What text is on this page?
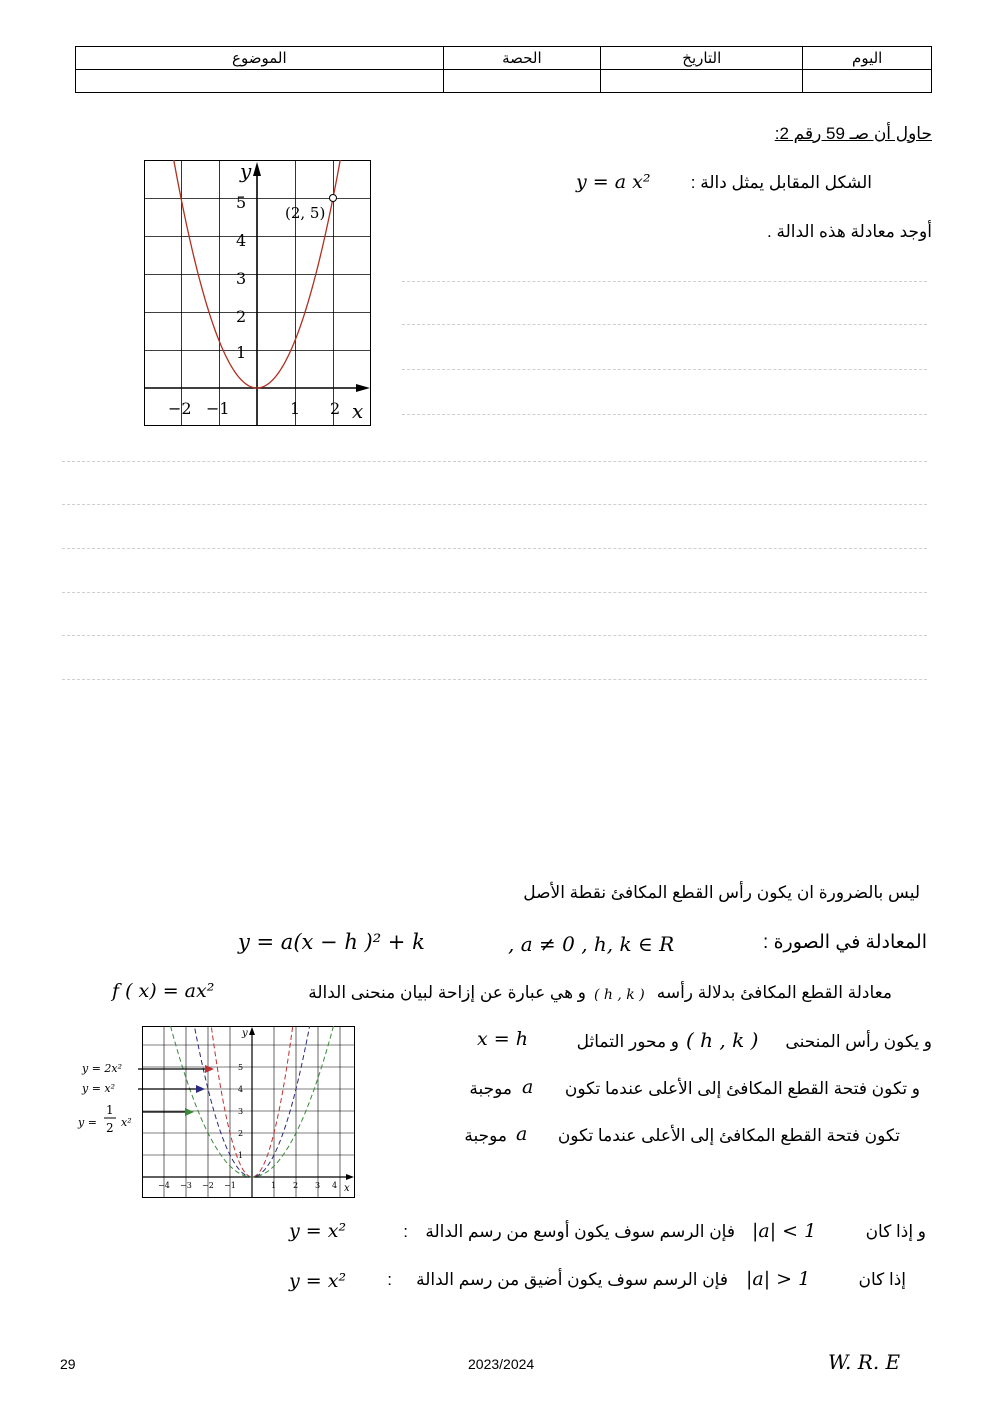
الموضوع	الحصة	التاريخ	اليوم

حاول أن صـ 59 رقم 2:
الشكل المقابل يمثل دالة :
y = a x²
أوجد معادلة هذه الدالة .
y
x
(2, 5)
5
4
3
2
1
−2 −1	1 2
ليس بالضرورة ان يكون رأس القطع المكافئ نقطة الأصل
المعادلة في الصورة :
y = a(x − h )² + k	, a ≠ 0 , h, k ∈ R
معادلة القطع المكافئ بدلالة رأسه
( h , k )
و هي عبارة عن إزاحة لبيان منحنى الدالة
f ( x) = ax²
و يكون رأس المنحنى
( h , k )
و محور التماثل
x = h
و تكون فتحة القطع المكافئ إلى الأعلى عندما تكون
a
موجبة
تكون فتحة القطع المكافئ إلى الأعلى عندما تكون
a
موجبة
و إذا كان
|a| < 1
فإن الرسم سوف يكون أوسع من رسم الدالة
:
y = x²
إذا كان
|a| > 1
فإن الرسم سوف يكون أضيق من رسم الدالة
:
y = x²
y
x
5
4
3
2
1
−4 −3 −2 −1	1 2 3 4
y = 2x²
y = x²
y =
1
2 x²
29	2023/2024	W. R. E
